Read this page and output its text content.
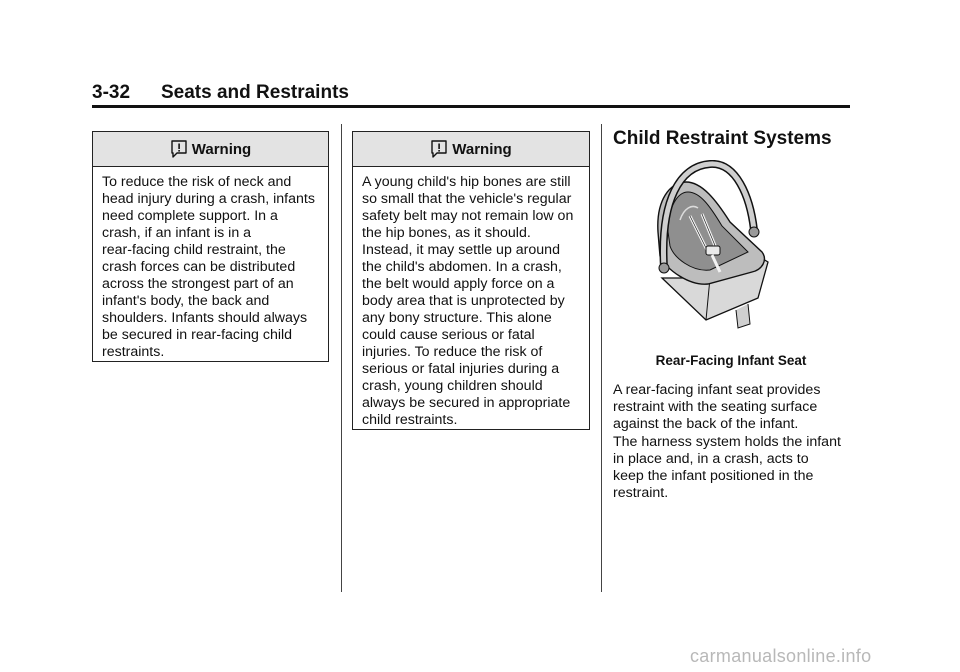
3-32 Seats and Restraints
Warning
To reduce the risk of neck and
head injury during a crash, infants
need complete support. In a
crash, if an infant is in a
rear-facing child restraint, the
crash forces can be distributed
across the strongest part of an
infant's body, the back and
shoulders. Infants should always
be secured in rear-facing child
restraints.
Warning
A young child's hip bones are still
so small that the vehicle's regular
safety belt may not remain low on
the hip bones, as it should.
Instead, it may settle up around
the child's abdomen. In a crash,
the belt would apply force on a
body area that is unprotected by
any bony structure. This alone
could cause serious or fatal
injuries. To reduce the risk of
serious or fatal injuries during a
crash, young children should
always be secured in appropriate
child restraints.
Child Restraint Systems
Rear-Facing Infant Seat
A rear-facing infant seat provides
restraint with the seating surface
against the back of the infant.
The harness system holds the infant
in place and, in a crash, acts to
keep the infant positioned in the
restraint.
carmanualsonline.info
